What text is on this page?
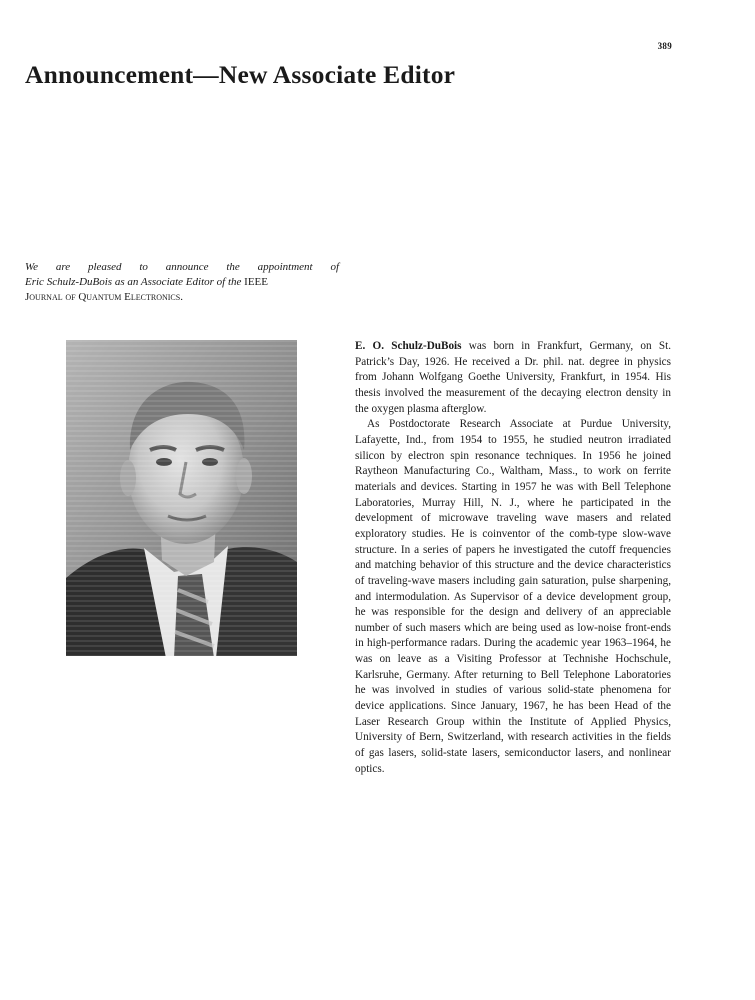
389
Announcement—New Associate Editor
We are pleased to announce the appointment of
Eric Schulz-DuBois as an Associate Editor of the IEEE
Journal of Quantum Electronics.

E. O. Schulz-DuBois was born in Frankfurt, Germany, on St. Patrick’s Day, 1926. He received a Dr. phil. nat. degree in physics from Johann Wolfgang Goethe University, Frankfurt, in 1954. His thesis involved the measurement of the decaying electron density in the oxygen plasma afterglow.

As Postdoctorate Research Associate at Purdue University, Lafayette, Ind., from 1954 to 1955, he studied neutron irradiated silicon by electron spin resonance techniques. In 1956 he joined Raytheon Manufacturing Co., Waltham, Mass., to work on ferrite materials and devices. Starting in 1957 he was with Bell Telephone Laboratories, Murray Hill, N. J., where he participated in the development of microwave traveling wave masers and related exploratory studies. He is coinventor of the comb-type slow-wave structure. In a series of papers he investigated the cutoff frequencies and matching behavior of this structure and the device characteristics of traveling-wave masers including gain saturation, pulse sharpening, and intermodulation. As Supervisor of a device development group, he was responsible for the design and delivery of an appreciable number of such masers which are being used as low-noise front-ends in high-performance radars. During the academic year 1963–1964, he was on leave as a Visiting Professor at Technishe Hochschule, Karlsruhe, Germany. After returning to Bell Telephone Laboratories he was involved in studies of various solid-state phenomena for device applications. Since January, 1967, he has been Head of the Laser Research Group within the Institute of Applied Physics, University of Bern, Switzerland, with research activities in the fields of gas lasers, solid-state lasers, semiconductor lasers, and nonlinear optics.
